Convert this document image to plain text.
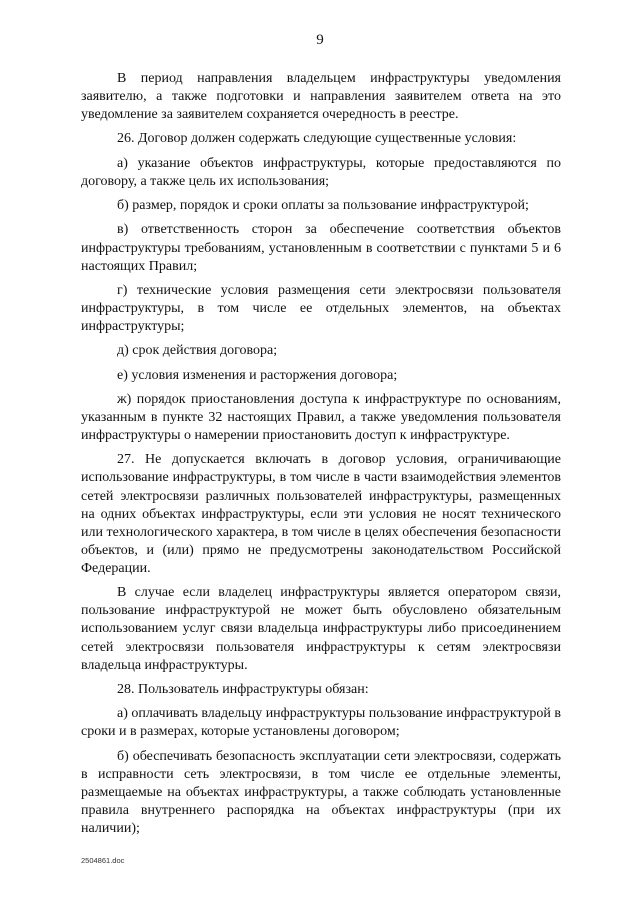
9

В период направления владельцем инфраструктуры уведомления заявителю, а также подготовки и направления заявителем ответа на это уведомление за заявителем сохраняется очередность в реестре.

26. Договор должен содержать следующие существенные условия:

а) указание объектов инфраструктуры, которые предоставляются по договору, а также цель их использования;

б) размер, порядок и сроки оплаты за пользование инфраструктурой;

в) ответственность сторон за обеспечение соответствия объектов инфраструктуры требованиям, установленным в соответствии с пунктами 5 и 6 настоящих Правил;

г) технические условия размещения сети электросвязи пользователя инфраструктуры, в том числе ее отдельных элементов, на объектах инфраструктуры;

д) срок действия договора;

е) условия изменения и расторжения договора;

ж) порядок приостановления доступа к инфраструктуре по основаниям, указанным в пункте 32 настоящих Правил, а также уведомления пользователя инфраструктуры о намерении приостановить доступ к инфраструктуре.

27. Не допускается включать в договор условия, ограничивающие использование инфраструктуры, в том числе в части взаимодействия элементов сетей электросвязи различных пользователей инфраструктуры, размещенных на одних объектах инфраструктуры, если эти условия не носят технического или технологического характера, в том числе в целях обеспечения безопасности объектов, и (или) прямо не предусмотрены законодательством Российской Федерации.

В случае если владелец инфраструктуры является оператором связи, пользование инфраструктурой не может быть обусловлено обязательным использованием услуг связи владельца инфраструктуры либо присоединением сетей электросвязи пользователя инфраструктуры к сетям электросвязи владельца инфраструктуры.

28. Пользователь инфраструктуры обязан:

а) оплачивать владельцу инфраструктуры пользование инфраструктурой в сроки и в размерах, которые установлены договором;

б) обеспечивать безопасность эксплуатации сети электросвязи, содержать в исправности сеть электросвязи, в том числе ее отдельные элементы, размещаемые на объектах инфраструктуры, а также соблюдать установленные правила внутреннего распорядка на объектах инфраструктуры (при их наличии);

2504861.doc
